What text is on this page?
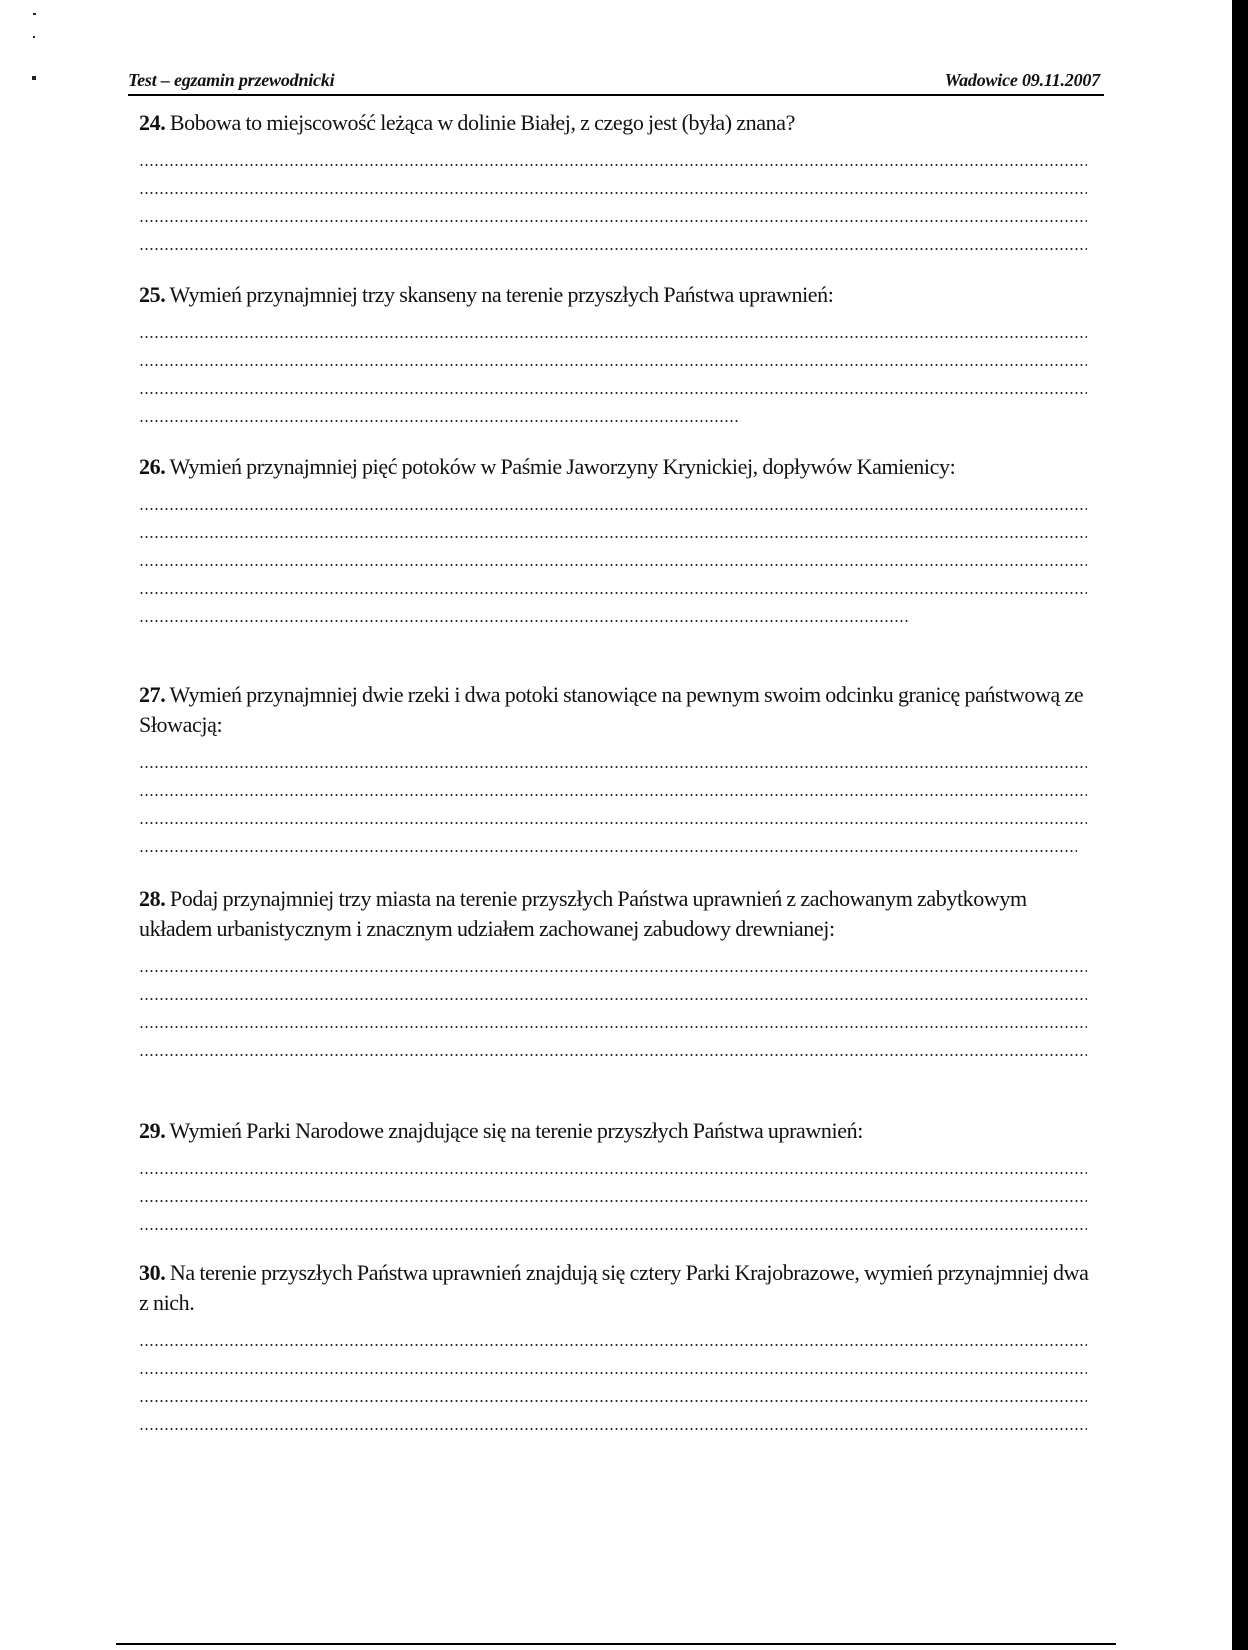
Test – egzamin przewodnicki	Wadowice 09.11.2007

24. Bobowa to miejscowość leżąca w dolinie Białej, z czego jest (była) znana?

25. Wymień przynajmniej trzy skanseny na terenie przyszłych Państwa uprawnień:

26. Wymień przynajmniej pięć potoków w Paśmie Jaworzyny Krynickiej, dopływów Kamienicy:

27. Wymień przynajmniej dwie rzeki i dwa potoki stanowiące na pewnym swoim odcinku granicę państwową ze Słowacją:

28. Podaj przynajmniej trzy miasta na terenie przyszłych Państwa uprawnień z zachowanym zabytkowym układem urbanistycznym i znacznym udziałem zachowanej zabudowy drewnianej:

29. Wymień Parki Narodowe znajdujące się na terenie przyszłych Państwa uprawnień:

30. Na terenie przyszłych Państwa uprawnień znajdują się cztery Parki Krajobrazowe, wymień przynajmniej dwa z nich.
